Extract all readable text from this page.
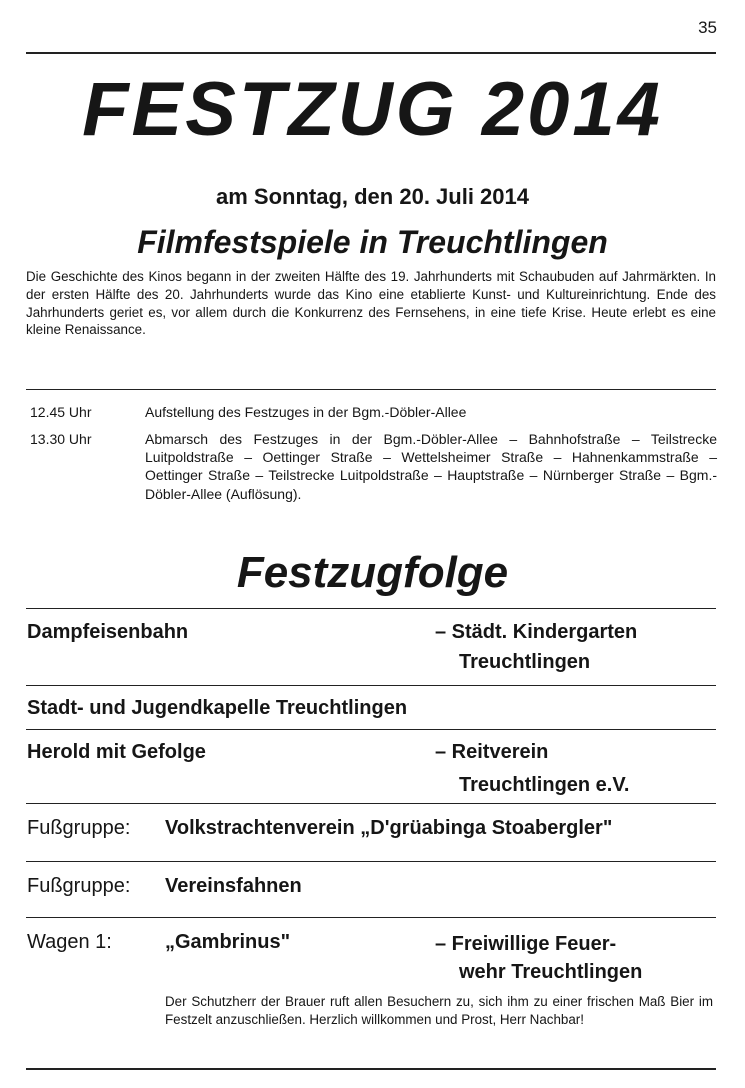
35
FESTZUG 2014
am Sonntag, den 20. Juli 2014
Filmfestspiele in Treuchtlingen
Die Geschichte des Kinos begann in der zweiten Hälfte des 19. Jahrhunderts mit Schaubuden auf Jahrmärkten. In der ersten Hälfte des 20. Jahrhunderts wurde das Kino eine etablierte Kunst- und Kultureinrichtung. Ende des Jahrhunderts geriet es, vor allem durch die Konkurrenz des Fernsehens, in eine tiefe Krise. Heute erlebt es eine kleine Renaissance.
12.45 Uhr	Aufstellung des Festzuges in der Bgm.-Döbler-Allee
13.30 Uhr	Abmarsch des Festzuges in der Bgm.-Döbler-Allee – Bahnhofstraße – Teilstrecke Luitpoldstraße – Oettinger Straße – Wettelsheimer Straße – Hahnenkammstraße – Oettinger Straße – Teilstrecke Luitpoldstraße – Hauptstraße – Nürnberger Straße – Bgm.-Döbler-Allee (Auflösung).
Festzugfolge
Dampfeisenbahn	– Städt. Kindergarten
Treuchtlingen
Stadt- und Jugendkapelle Treuchtlingen
Herold mit Gefolge	– Reitverein
Treuchtlingen e.V.
Fußgruppe: Volkstrachtenverein „D'grüabinga Stoabergler"
Fußgruppe: Vereinsfahnen
Wagen 1:	„Gambrinus"	– Freiwillige Feuer-
wehr Treuchtlingen
Der Schutzherr der Brauer ruft allen Besuchern zu, sich ihm zu einer frischen Maß Bier im Festzelt anzuschließen. Herzlich willkommen und Prost, Herr Nachbar!
